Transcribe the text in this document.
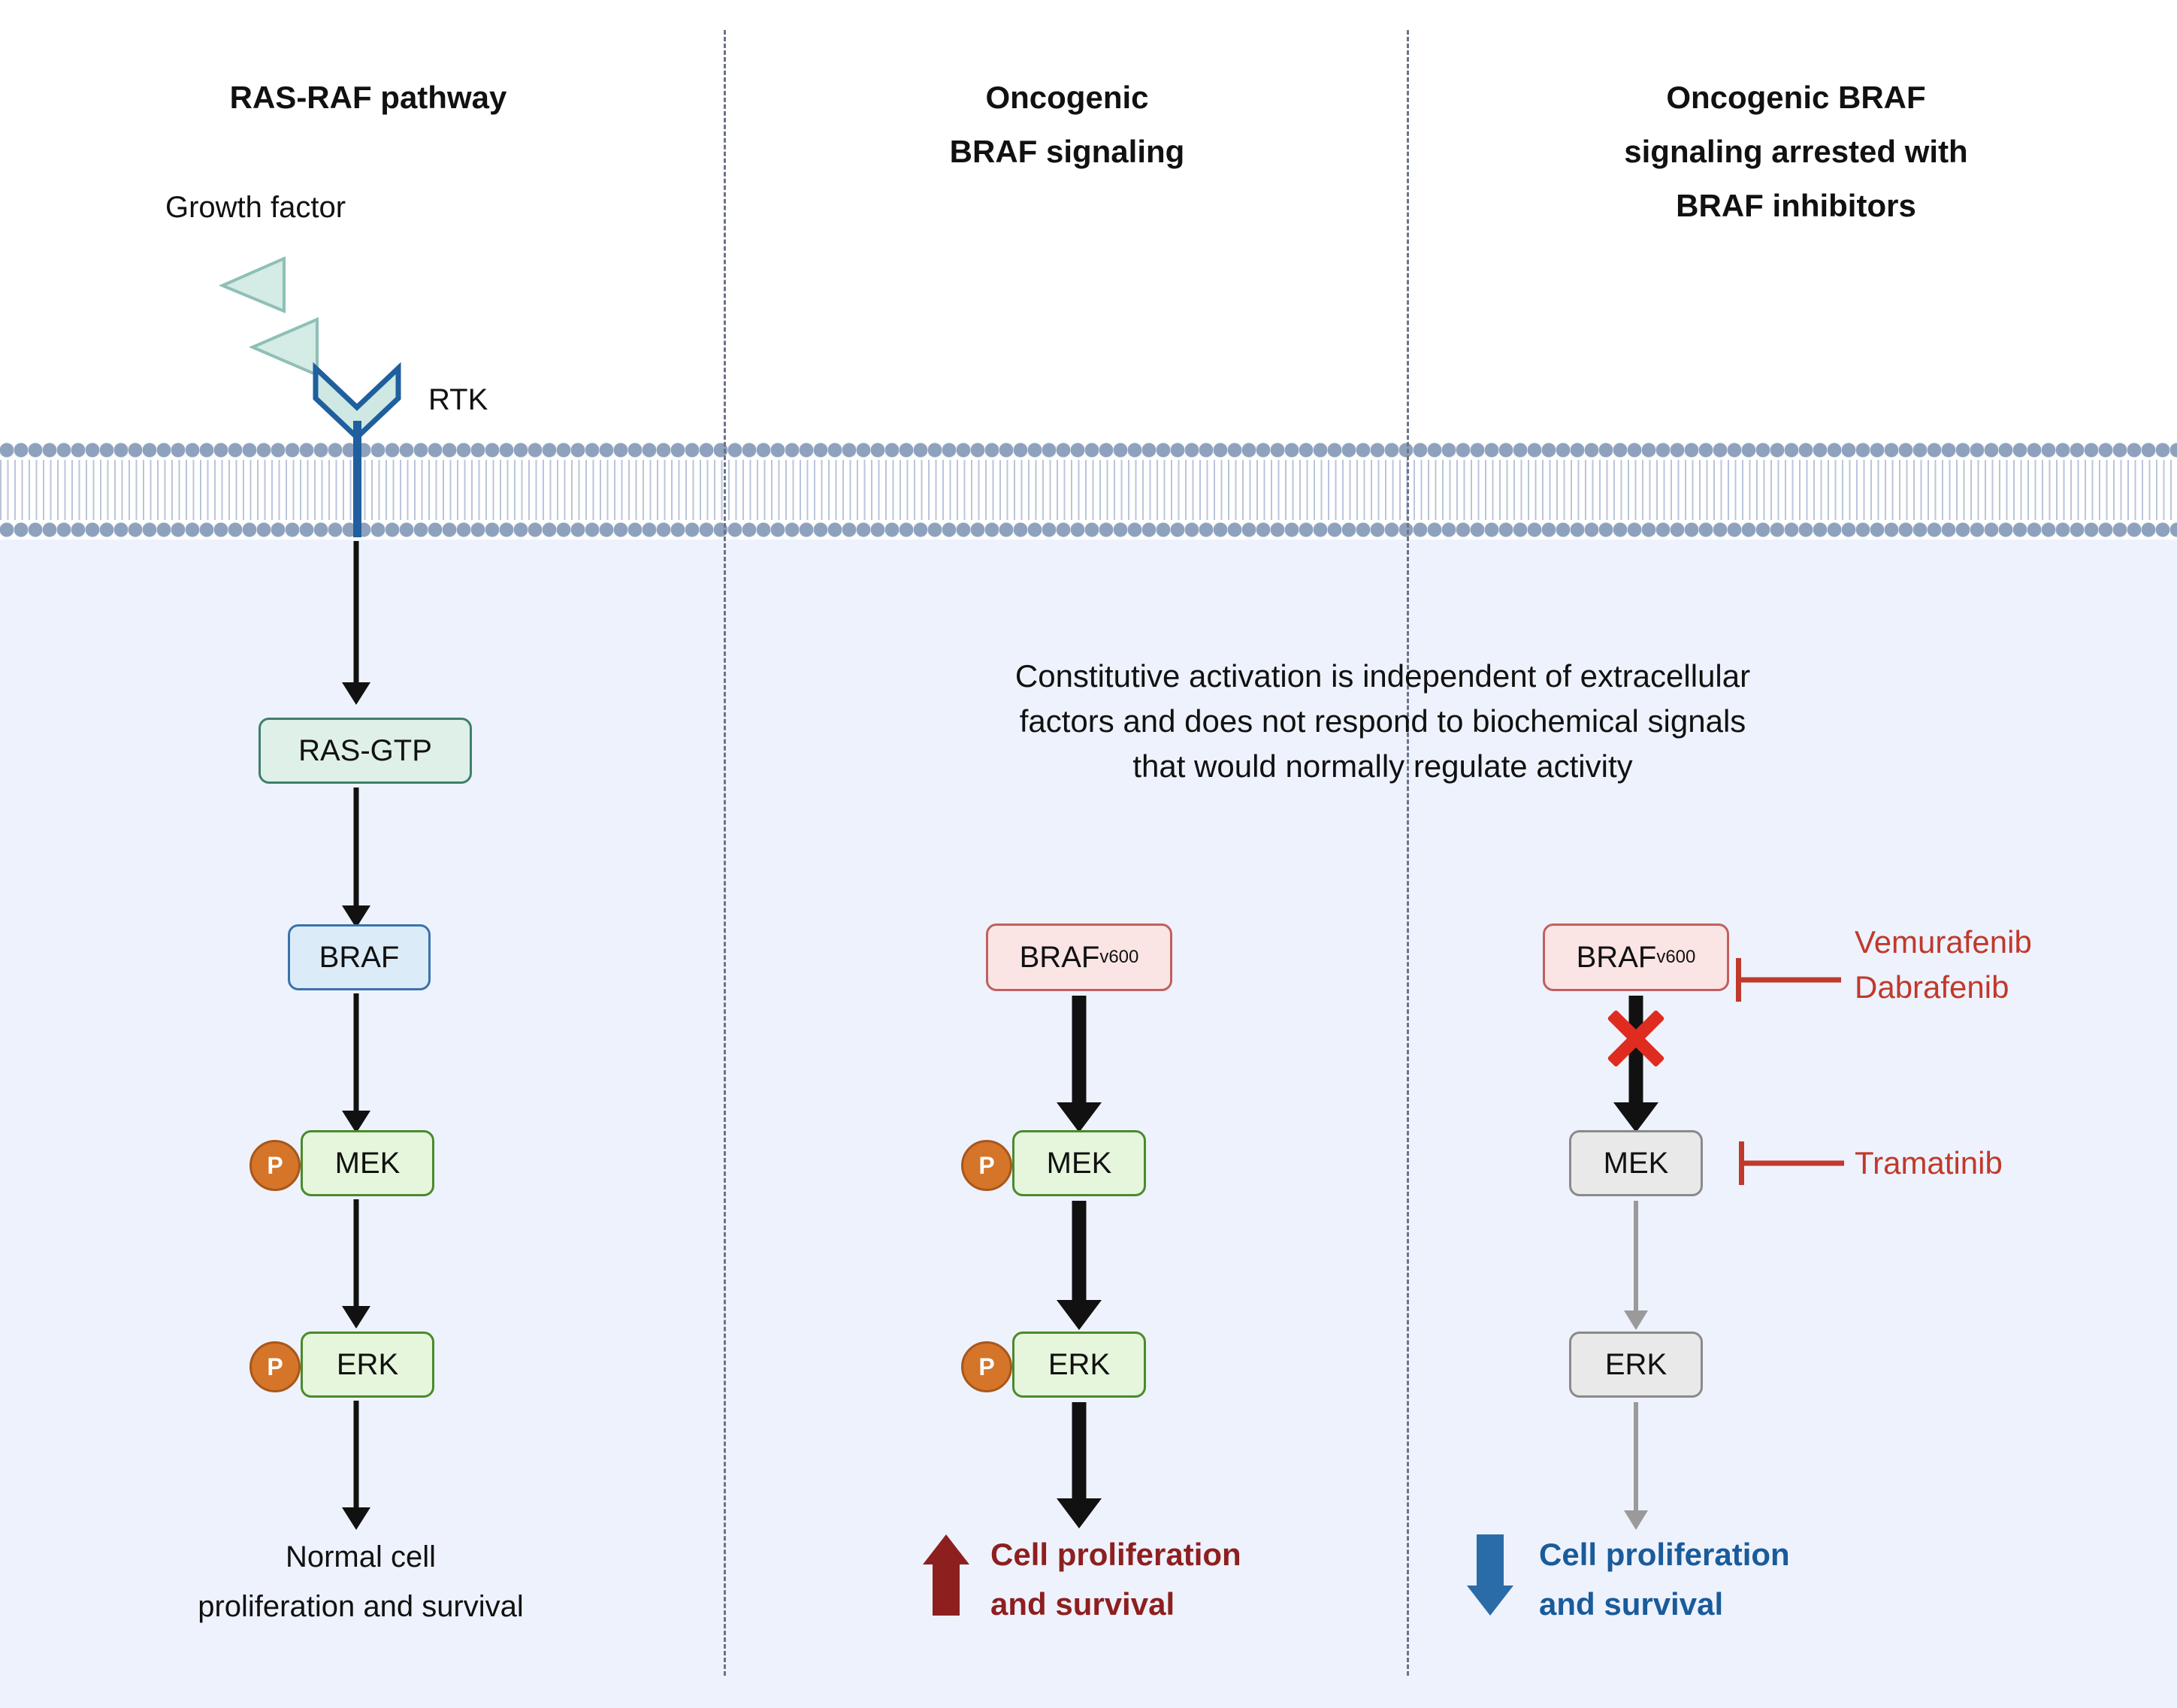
RAS-RAF pathway
Growth factor
RTK
RAS-GTP
BRAF
MEK
P
ERK
P
Normal cell
proliferation and survival
Oncogenic
BRAF signaling
Constitutive activation is independent of extracellular
factors and does not respond to biochemical signals
that would normally regulate activity
BRAF v600
MEK
P
ERK
P
Cell proliferation
and survival
Oncogenic BRAF
signaling arrested with
BRAF inhibitors
BRAF v600	Vemurafenib
Dabrafenib
MEK	Tramatinib
ERK
Cell proliferation
and survival
